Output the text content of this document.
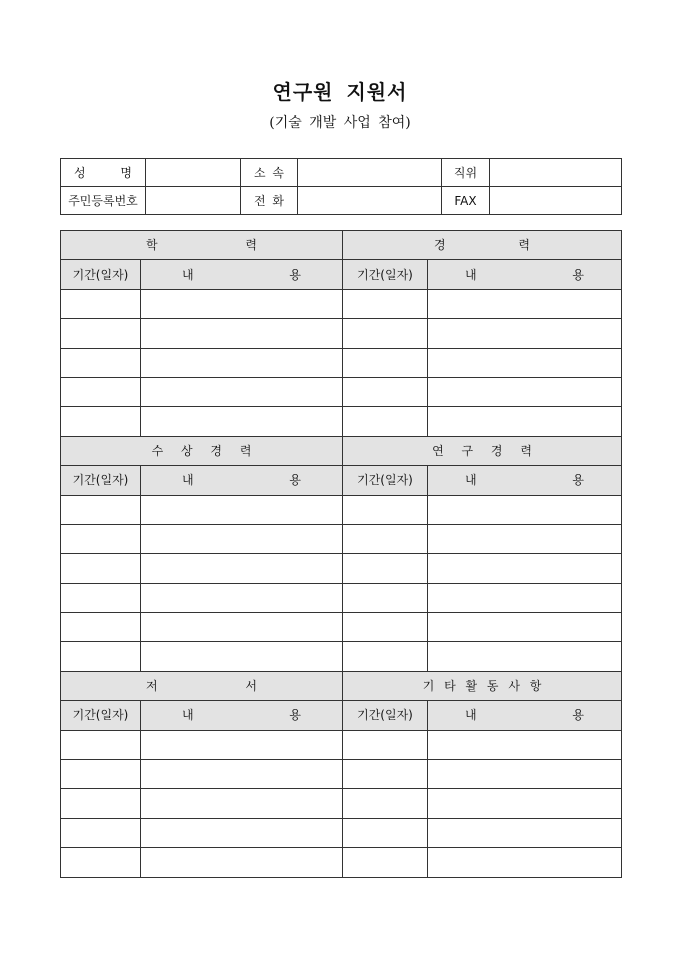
연구원 지원서
(기술 개발 사업 참여)
성 명		소 속		직위	
주민등록번호		전 화		FAX	
학 력		경 력	
기간(일자)	내 용	기간(일자)	내 용

수 상 경 력		연 구 경 력	
기간(일자)	내 용	기간(일자)	내 용

저 서		기 타 활 동 사 항	
기간(일자)	내 용	기간(일자)	내 용
